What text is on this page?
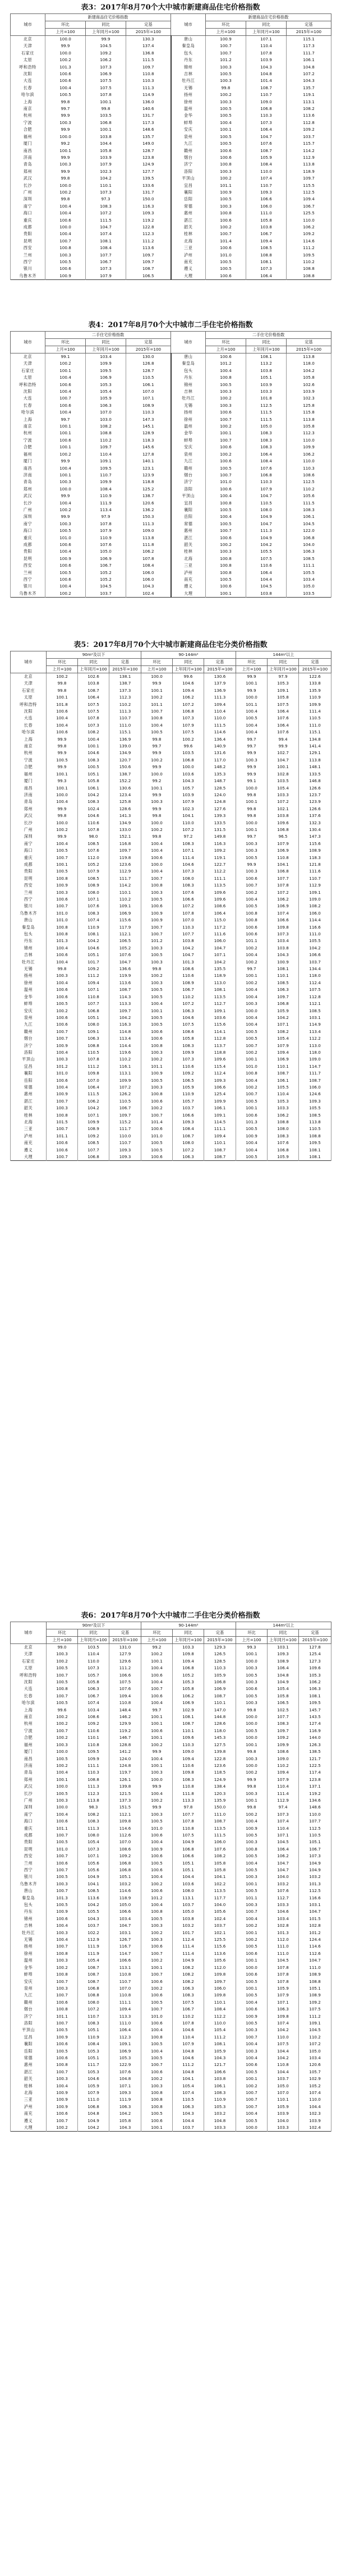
表3：2017年8月70个大中城市新建商品住宅价格指数
城市	新建商品住宅价格指数			城市	新建商品住宅价格指数		
	环比	同比	定基		环比	同比	定基
	上月=100	上年同月=100	2015年=100		上月=100	上年同月=100	2015年=100
北京	100.0	99.9	130.3	唐山	100.9	107.1	115.1
天津	99.9	104.5	137.4	秦皇岛	100.7	110.4	117.3
石家庄	100.0	109.2	136.8	包头	100.7	107.8	111.7
太原	100.2	106.2	111.5	丹东	101.2	103.9	106.1
呼和浩特	101.3	107.3	109.7	锦州	100.3	104.3	104.8
沈阳	100.6	106.9	110.8	吉林	100.5	104.8	107.2
大连	100.6	107.5	110.3	牡丹江	100.3	101.4	104.3
长春	100.4	107.5	111.3	无锡	99.8	108.7	135.7
哈尔滨	100.5	107.8	114.9	扬州	100.2	110.7	119.1
上海	99.8	100.1	136.0	徐州	100.3	109.0	113.1
南京	99.7	99.8	140.6	温州	100.5	106.8	108.2
杭州	99.9	103.5	131.7	金华	100.5	110.3	113.6
宁波	100.3	106.8	117.3	蚌埠	100.4	107.3	112.8
合肥	99.9	100.1	148.6	安庆	100.1	106.4	109.2
福州	100.0	103.8	135.7	泉州	100.5	104.7	103.7
厦门	99.2	104.4	149.0	九江	100.5	107.6	115.7
南昌	100.1	105.8	128.7	赣州	100.6	108.7	114.2
济南	99.9	103.9	123.8	烟台	100.6	105.9	112.9
青岛	100.3	107.9	124.9	济宁	100.8	108.4	113.8
郑州	99.9	102.3	127.7	洛阳	100.3	110.0	118.9
武汉	99.8	104.2	139.5	平顶山	100.2	107.4	109.7
长沙	100.0	110.1	133.6	宜昌	101.1	110.7	115.5
广州	100.2	107.3	131.7	襄阳	100.9	109.3	112.5
深圳	99.8	97.3	150.0	岳阳	100.5	106.6	109.4
南宁	100.4	108.3	116.3	常德	100.3	106.0	106.7
海口	100.4	107.2	109.3	惠州	100.8	111.0	125.5
重庆	100.6	111.5	119.2	湛江	100.6	105.8	110.0
成都	100.0	104.7	122.8	韶关	100.2	103.8	106.2
贵阳	100.4	107.4	112.3	桂林	100.7	106.7	109.2
昆明	100.7	108.1	111.2	北海	101.4	109.4	114.6
西安	100.8	108.4	113.6	三亚	100.6	108.5	111.2
兰州	100.3	107.7	109.7	泸州	101.0	108.8	109.5
西宁	100.5	106.7	109.7	南充	100.5	108.1	110.2
银川	100.6	107.3	108.7	遵义	100.5	107.3	108.8
乌鲁木齐	100.9	107.9	106.5	大理	100.6	106.4	108.8
表4：2017年8月70个大中城市二手住宅价格指数
城市	二手住宅价格指数			城市	二手住宅价格指数		
	环比	同比	定基		环比	同比	定基
	上月=100	上年同月=100	2015年=100		上月=100	上年同月=100	2015年=100
北京	99.1	103.4	130.0	唐山	100.6	108.1	113.8
天津	100.2	109.9	126.8	秦皇岛	101.2	113.2	118.0
石家庄	100.1	109.5	128.7	包头	100.4	103.8	104.2
太原	100.4	106.9	110.5	丹东	100.8	105.1	105.8
呼和浩特	100.6	105.3	106.1	锦州	100.5	103.9	102.6
沈阳	100.4	105.4	107.0	吉林	100.3	103.3	103.9
大连	100.7	105.9	107.1	牡丹江	100.2	101.8	102.3
长春	100.6	106.3	108.9	无锡	100.3	112.5	125.8
哈尔滨	100.4	107.0	110.3	扬州	100.6	111.5	115.8
上海	99.7	103.0	147.3	徐州	100.7	111.5	113.8
南京	100.1	108.2	145.1	温州	100.2	105.0	105.8
杭州	100.1	108.8	128.9	金华	100.1	108.3	112.3
宁波	100.6	110.2	118.3	蚌埠	100.7	108.3	110.0
合肥	100.1	109.7	145.6	安庆	100.6	108.3	109.9
福州	100.2	110.4	127.8	泉州	100.2	106.4	106.2
厦门	99.9	109.1	140.1	九江	100.6	108.4	110.0
南昌	100.4	109.5	123.1	赣州	100.5	107.6	110.3
济南	100.1	110.7	123.9	烟台	100.7	106.8	108.6
青岛	100.3	109.9	118.8	济宁	101.0	110.3	112.5
郑州	100.0	108.4	125.2	洛阳	100.6	107.9	110.2
武汉	99.9	110.9	138.7	平顶山	100.4	104.7	105.6
长沙	100.4	111.9	120.6	宜昌	100.8	110.5	111.5
广州	100.2	113.4	136.2	襄阳	100.5	108.0	108.3
深圳	99.9	97.9	150.3	岳阳	100.4	104.9	106.1
南宁	100.3	107.8	111.3	常德	100.5	104.7	104.5
海口	100.5	107.9	109.0	惠州	100.7	111.3	122.0
重庆	101.0	110.9	113.8	湛江	100.6	104.9	106.8
成都	100.6	107.6	111.8	韶关	100.2	104.2	104.0
贵阳	100.4	105.0	106.2	桂林	100.3	105.5	106.3
昆明	100.9	106.9	107.8	北海	100.8	107.5	108.5
西安	100.6	106.7	108.4	三亚	100.8	110.6	111.1
兰州	100.5	105.2	106.0	泸州	100.8	106.4	105.5
西宁	100.6	105.2	106.0	南充	100.5	104.4	103.4
银川	100.4	104.5	104.3	遵义	100.6	104.5	105.0
乌鲁木齐	100.2	103.7	102.4	大理	100.1	103.8	103.5
表5：2017年8月70个大中城市新建商品住宅分类价格指数
城市	90m²及以下			90-144m²			144m²以上		
	环比	同比	定基	环比	同比	定基	环比	同比	定基
	上月=100	上年同月=100	2015年=100	上月=100	上年同月=100	2015年=100	上月=100	上年同月=100	2015年=100
北京	100.2	102.6	138.1	100.0	99.6	130.6	99.9	97.9	122.6
天津	99.8	103.8	138.7	99.9	104.6	137.9	100.1	105.3	133.8
石家庄	99.8	108.7	137.3	100.1	109.4	136.9	99.9	109.1	135.9
太原	100.1	106.4	112.3	100.2	106.2	111.3	100.0	105.8	110.9
呼和浩特	101.8	107.5	110.2	101.1	107.2	109.4	101.1	107.5	109.9
沈阳	100.6	107.5	111.3	100.7	106.8	110.4	100.4	106.4	111.4
大连	100.4	107.8	110.7	100.8	107.3	110.0	100.5	107.6	110.5
长春	100.4	107.3	111.0	100.4	107.9	111.5	100.4	106.4	111.0
哈尔滨	100.6	108.2	115.1	100.5	107.5	114.6	100.4	107.6	115.1
上海	99.9	100.4	136.9	99.8	100.2	136.4	99.7	99.4	134.8
南京	99.8	100.1	139.0	99.7	99.6	140.9	99.7	99.9	141.4
杭州	99.9	104.6	134.9	99.9	103.5	131.6	99.9	102.7	129.1
宁波	100.5	108.3	120.7	100.2	106.8	117.0	100.3	104.7	113.8
合肥	99.9	100.5	150.6	99.9	100.0	148.2	99.9	100.1	148.1
福州	100.1	105.1	138.7	100.0	103.6	135.3	99.9	102.8	133.5
厦门	99.3	105.8	152.2	99.2	104.3	148.7	99.1	103.5	146.8
南昌	100.1	106.1	130.6	100.1	105.7	128.5	100.0	105.4	126.6
济南	100.0	104.2	123.4	99.9	103.9	124.0	99.8	103.3	123.7
青岛	100.4	108.3	125.8	100.3	107.9	124.8	100.1	107.2	123.9
郑州	99.9	102.4	128.6	99.9	102.3	127.6	99.8	102.1	126.6
武汉	99.8	104.6	141.3	99.8	104.1	139.3	99.8	103.8	137.6
长沙	100.0	110.6	134.9	100.0	110.0	133.5	100.0	109.6	132.3
广州	100.2	107.8	133.0	100.2	107.2	131.5	100.1	106.8	130.4
深圳	99.9	98.0	152.1	99.8	97.2	149.8	99.7	96.5	147.3
南宁	100.4	108.5	116.8	100.4	108.3	116.3	100.3	107.9	115.6
海口	100.5	107.6	109.7	100.4	107.1	109.2	100.3	106.9	108.9
重庆	100.7	112.0	119.8	100.6	111.4	119.1	100.5	110.8	118.3
成都	100.1	105.2	123.6	100.0	104.6	122.7	99.9	104.1	121.8
贵阳	100.5	107.9	112.9	100.4	107.3	112.2	100.3	106.8	111.6
昆明	100.8	108.5	111.7	100.7	108.0	111.1	100.6	107.7	110.7
西安	100.9	108.9	114.2	100.8	108.3	113.5	100.7	107.8	112.9
兰州	100.3	108.0	110.1	100.3	107.6	109.6	100.2	107.2	109.1
西宁	100.6	107.1	110.2	100.5	106.6	109.6	100.4	106.2	109.0
银川	100.7	107.6	109.1	100.6	107.2	108.6	100.5	106.9	108.2
乌鲁木齐	101.0	108.3	106.9	100.9	107.8	106.4	100.8	107.4	106.0
唐山	101.0	107.4	115.6	100.9	107.0	115.0	100.8	106.6	114.4
秦皇岛	100.8	110.9	117.9	100.7	110.3	117.2	100.6	109.8	116.6
包头	100.8	108.1	112.1	100.7	107.7	111.6	100.6	107.3	111.0
丹东	101.3	104.2	106.5	101.2	103.8	106.0	101.1	103.4	105.5
锦州	100.4	104.6	105.2	100.3	104.2	104.7	100.2	103.8	104.2
吉林	100.6	105.1	107.6	100.5	104.7	107.1	100.4	104.3	106.6
牡丹江	100.4	101.7	104.7	100.3	101.3	104.2	100.2	100.9	103.7
无锡	99.8	109.2	136.6	99.8	108.6	135.5	99.7	108.1	134.4
扬州	100.3	111.2	119.9	100.2	110.6	118.9	100.1	110.1	118.0
徐州	100.4	109.4	113.6	100.3	108.9	113.0	100.2	108.5	112.4
温州	100.6	107.1	108.7	100.5	106.7	108.1	100.4	106.3	107.5
金华	100.6	110.8	114.3	100.5	110.2	113.5	100.4	109.7	112.8
蚌埠	100.5	107.7	113.3	100.4	107.2	112.7	100.3	106.8	112.1
安庆	100.2	106.8	109.7	100.1	106.3	109.1	100.0	105.9	108.5
泉州	100.6	105.1	104.2	100.5	104.6	103.6	100.4	104.2	103.1
九江	100.6	108.0	116.3	100.5	107.5	115.6	100.4	107.1	114.9
赣州	100.7	109.1	114.8	100.6	108.6	114.1	100.5	108.2	113.4
烟台	100.7	106.3	113.4	100.6	105.8	112.8	100.5	105.4	112.2
济宁	100.9	108.8	114.4	100.8	108.3	113.7	100.7	107.9	113.0
洛阳	100.4	110.5	119.6	100.3	109.9	118.8	100.2	109.4	118.0
平顶山	100.3	107.8	110.2	100.2	107.3	109.6	100.1	106.9	109.0
宜昌	101.2	111.2	116.1	101.1	110.6	115.4	101.0	110.1	114.7
襄阳	101.0	109.8	113.1	100.9	109.2	112.4	100.8	108.7	111.7
岳阳	100.6	107.0	109.9	100.5	106.5	109.3	100.4	106.1	108.7
常德	100.4	106.4	107.2	100.3	105.9	106.6	100.2	105.5	106.0
惠州	100.9	111.5	126.2	100.8	110.9	125.4	100.7	110.4	124.6
湛江	100.7	106.2	110.5	100.6	105.7	109.9	100.5	105.3	109.3
韶关	100.3	104.2	106.7	100.2	103.7	106.1	100.1	103.3	105.5
桂林	100.8	107.1	109.7	100.7	106.6	109.1	100.6	106.2	108.5
北海	101.5	109.9	115.2	101.4	109.3	114.5	101.3	108.8	113.8
三亚	100.7	108.9	111.7	100.6	108.4	111.1	100.5	108.0	110.5
泸州	101.1	109.2	110.0	101.0	108.7	109.4	100.9	108.3	108.8
南充	100.6	108.5	110.7	100.5	108.0	110.1	100.4	107.6	109.5
遵义	100.6	107.7	109.3	100.5	107.2	108.7	100.4	106.8	108.1
大理	100.7	106.8	109.3	100.6	106.3	108.7	100.5	105.9	108.1
表6：2017年8月70个大中城市二手住宅分类价格指数
城市	90m²及以下			90-144m²			144m²以上		
	环比	同比	定基	环比	同比	定基	环比	同比	定基
	上月=100	上年同月=100	2015年=100	上月=100	上年同月=100	2015年=100	上月=100	上年同月=100	2015年=100
北京	99.0	103.5	131.0	99.2	103.3	129.3	99.3	103.1	127.8
天津	100.3	110.4	127.9	100.2	109.8	126.5	100.1	109.3	125.4
石家庄	100.2	110.0	129.6	100.1	109.4	128.5	100.0	108.9	127.3
太原	100.5	107.3	111.2	100.4	106.8	110.3	100.3	106.4	109.6
呼和浩特	100.7	105.7	106.6	100.6	105.2	105.9	100.5	104.8	105.3
沈阳	100.5	105.8	107.5	100.4	105.3	106.8	100.3	104.9	106.2
大连	100.8	106.3	107.6	100.7	105.8	106.9	100.6	105.4	106.3
长春	100.7	106.7	109.4	100.6	106.2	108.7	100.5	105.8	108.1
哈尔滨	100.5	107.4	110.8	100.4	106.9	110.1	100.3	106.5	109.5
上海	99.6	103.4	148.4	99.7	102.9	147.0	99.8	102.5	145.7
南京	100.2	108.6	146.2	100.1	108.1	144.8	100.0	107.7	143.5
杭州	100.2	109.2	129.9	100.1	108.7	128.6	100.0	108.3	127.4
宁波	100.7	110.6	119.2	100.6	110.1	118.0	100.5	109.7	116.9
合肥	100.2	110.1	146.7	100.1	109.6	145.3	100.0	109.2	144.0
福州	100.3	110.8	128.8	100.2	110.3	127.5	100.1	109.9	126.3
厦门	100.0	109.5	141.2	99.9	109.0	139.8	99.8	108.6	138.5
南昌	100.5	109.9	124.0	100.4	109.4	122.8	100.3	109.0	121.7
济南	100.2	111.1	124.8	100.1	110.6	123.6	100.0	110.2	122.5
青岛	100.4	110.3	119.7	100.3	109.8	118.5	100.2	109.4	117.4
郑州	100.1	108.8	126.1	100.0	108.3	124.9	99.9	107.9	123.8
武汉	100.0	111.3	139.8	99.9	110.8	138.4	99.8	110.4	137.1
长沙	100.5	112.3	121.5	100.4	111.8	120.3	100.3	111.4	119.2
广州	100.3	113.8	137.3	100.2	113.3	135.9	100.1	112.9	134.6
深圳	100.0	98.3	151.5	99.9	97.8	150.0	99.8	97.4	148.6
南宁	100.4	108.2	112.1	100.3	107.7	111.0	100.2	107.3	110.0
海口	100.6	108.3	109.8	100.5	107.8	108.7	100.4	107.4	107.7
重庆	101.1	111.3	114.6	101.0	110.8	113.5	100.9	110.4	112.5
成都	100.7	108.0	112.6	100.6	107.5	111.5	100.5	107.1	110.5
贵阳	100.5	105.4	107.0	100.4	104.9	106.0	100.3	104.5	105.1
昆明	101.0	107.3	108.6	100.9	106.8	107.6	100.8	106.4	106.7
西安	100.7	107.1	109.2	100.6	106.6	108.2	100.5	106.2	107.3
兰州	100.6	105.6	106.8	100.5	105.1	105.8	100.4	104.7	104.9
西宁	100.7	105.6	106.8	100.6	105.1	105.8	100.5	104.7	104.9
银川	100.5	104.9	105.1	100.4	104.4	104.1	100.3	104.0	103.2
乌鲁木齐	100.3	104.1	103.2	100.2	103.6	102.2	100.1	103.2	101.3
唐山	100.7	108.5	114.6	100.6	108.0	113.5	100.5	107.6	112.5
秦皇岛	101.3	113.6	118.9	101.2	113.1	117.7	101.1	112.7	116.6
包头	100.5	104.2	105.0	100.4	103.7	104.0	100.3	103.3	103.1
丹东	100.9	105.5	106.6	100.8	105.0	105.6	100.7	104.6	104.7
锦州	100.6	104.3	103.4	100.5	103.8	102.4	100.4	103.4	101.5
吉林	100.4	103.7	104.7	100.3	103.2	103.7	100.2	102.8	102.8
牡丹江	100.3	102.2	103.1	100.2	101.7	102.1	100.1	101.3	101.2
无锡	100.4	112.9	126.7	100.3	112.4	125.5	100.2	112.0	124.4
扬州	100.7	111.9	116.7	100.6	111.4	115.6	100.5	111.0	114.6
徐州	100.8	111.9	114.7	100.7	111.4	113.6	100.6	111.0	112.6
温州	100.3	105.4	106.6	100.2	104.9	105.6	100.1	104.5	104.7
金华	100.2	108.7	113.1	100.1	108.2	112.0	100.0	107.8	111.0
蚌埠	100.8	108.7	110.8	100.7	108.2	109.8	100.6	107.8	108.9
安庆	100.7	108.7	110.7	100.6	108.2	109.7	100.5	107.8	108.8
泉州	100.3	106.8	107.0	100.2	106.3	106.0	100.1	105.9	105.1
九江	100.7	108.8	110.8	100.6	108.3	109.8	100.5	107.9	108.9
赣州	100.6	108.0	111.1	100.5	107.5	110.1	100.4	107.1	109.2
烟台	100.8	107.2	109.4	100.7	106.7	108.4	100.6	106.3	107.5
济宁	101.1	110.7	113.3	101.0	110.2	112.2	100.9	109.8	111.2
洛阳	100.7	108.3	111.0	100.6	107.8	110.0	100.5	107.4	109.1
平顶山	100.5	105.1	106.4	100.4	104.6	105.4	100.3	104.2	104.5
宜昌	100.9	110.9	112.3	100.8	110.4	111.2	100.7	110.0	110.2
襄阳	100.6	108.4	109.1	100.5	107.9	108.1	100.4	107.5	107.2
岳阳	100.5	105.3	106.9	100.4	104.8	105.9	100.3	104.4	105.0
常德	100.6	105.1	105.3	100.5	104.6	104.3	100.4	104.2	103.4
惠州	100.8	111.7	122.9	100.7	111.2	121.7	100.6	110.8	120.6
湛江	100.7	105.3	107.6	100.6	104.8	106.6	100.5	104.4	105.7
韶关	100.3	104.6	104.8	100.2	104.1	103.8	100.1	103.7	102.9
桂林	100.4	105.9	107.1	100.3	105.4	106.1	100.2	105.0	105.2
北海	100.9	107.9	109.3	100.8	107.4	108.3	100.7	107.0	107.4
三亚	100.9	111.0	111.9	100.8	110.5	110.9	100.7	110.1	110.0
泸州	100.9	106.8	106.3	100.8	106.3	105.3	100.7	105.9	104.4
南充	100.6	104.8	104.2	100.5	104.3	103.2	100.4	103.9	102.3
遵义	100.7	104.9	105.8	100.6	104.4	104.8	100.5	104.0	103.9
大理	100.2	104.2	104.3	100.1	103.7	103.3	100.0	103.3	102.4
